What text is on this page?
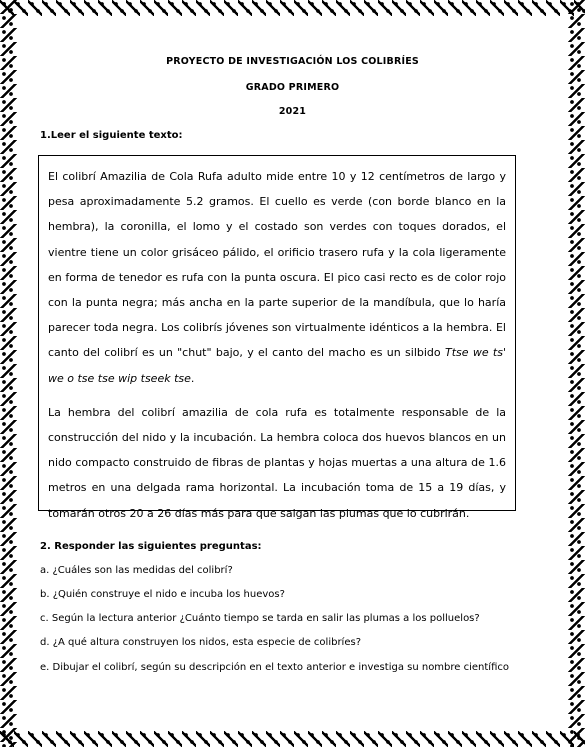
PROYECTO DE INVESTIGACIÓN LOS COLIBRÍES
GRADO PRIMERO
2021
1.Leer el siguiente texto:

El colibrí Amazilia de Cola Rufa adulto mide entre 10 y 12 centímetros de largo y pesa aproximadamente 5.2 gramos. El cuello es verde (con borde blanco en la hembra), la coronilla, el lomo y el costado son verdes con toques dorados, el vientre tiene un color grisáceo pálido, el orificio trasero rufa y la cola ligeramente en forma de tenedor es rufa con la punta oscura. El pico casi recto es de color rojo con la punta negra; más ancha en la parte superior de la mandíbula, que lo haría parecer toda negra. Los colibrís jóvenes son virtualmente idénticos a la hembra. El canto del colibrí es un "chut" bajo, y el canto del macho es un silbido Ttse we ts' we o tse tse wip tseek tse.

La hembra del colibrí amazilia de cola rufa es totalmente responsable de la construcción del nido y la incubación. La hembra coloca dos huevos blancos en un nido compacto construido de fibras de plantas y hojas muertas a una altura de 1.6 metros en una delgada rama horizontal. La incubación toma de 15 a 19 días, y tomarán otros 20 a 26 días más para que salgan las plumas que lo cubrirán.

2. Responder las siguientes preguntas:
a. ¿Cuáles son las medidas del colibrí?
b. ¿Quién construye el nido e incuba los huevos?
c. Según la lectura anterior ¿Cuánto tiempo se tarda en salir las plumas a los polluelos?
d. ¿A qué altura construyen los nidos, esta especie de colibríes?
e. Dibujar el colibrí, según su descripción en el texto anterior e investiga su nombre científico
